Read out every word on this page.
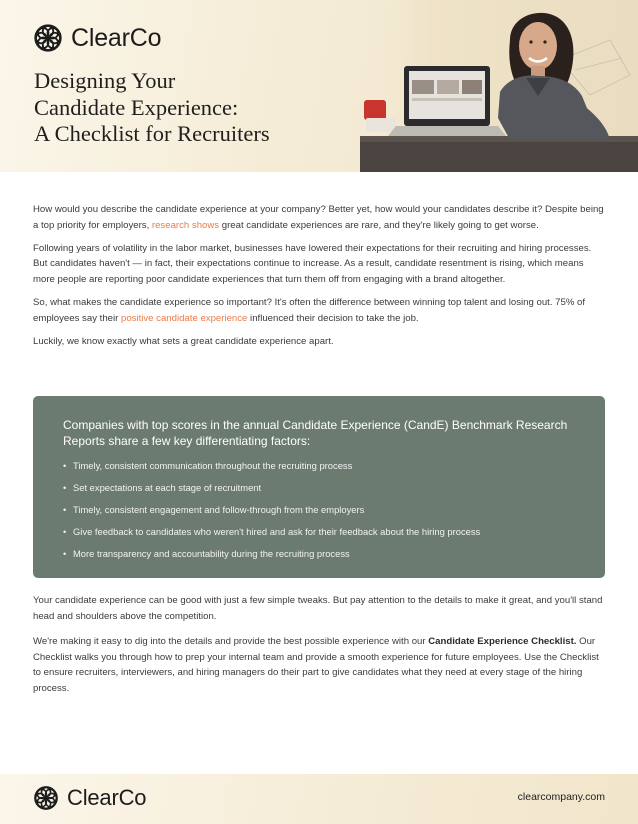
ClearCo
Designing Your
Candidate Experience:
A Checklist for Recruiters

How would you describe the candidate experience at your company? Better yet, how would your candidates describe it? Despite being a top priority for employers, research shows great candidate experiences are rare, and they're likely going to get worse.

Following years of volatility in the labor market, businesses have lowered their expectations for their recruiting and hiring processes. But candidates haven't — in fact, their expectations continue to increase. As a result, candidate resentment is rising, which means more people are reporting poor candidate experiences that turn them off from engaging with a brand altogether.

So, what makes the candidate experience so important? It's often the difference between winning top talent and losing out. 75% of employees say their positive candidate experience influenced their decision to take the job.

Luckily, we know exactly what sets a great candidate experience apart.

Companies with top scores in the annual Candidate Experience (CandE) Benchmark Research Reports share a few key differentiating factors:
• Timely, consistent communication throughout the recruiting process
• Set expectations at each stage of recruitment
• Timely, consistent engagement and follow-through from the employers
• Give feedback to candidates who weren't hired and ask for their feedback about the hiring process
• More transparency and accountability during the recruiting process

Your candidate experience can be good with just a few simple tweaks. But pay attention to the details to make it great, and you'll stand head and shoulders above the competition.

We're making it easy to dig into the details and provide the best possible experience with our Candidate Experience Checklist. Our Checklist walks you through how to prep your internal team and provide a smooth experience for future employees. Use the Checklist to ensure recruiters, interviewers, and hiring managers do their part to give candidates what they need at every stage of the hiring process.

ClearCo	clearcompany.com
